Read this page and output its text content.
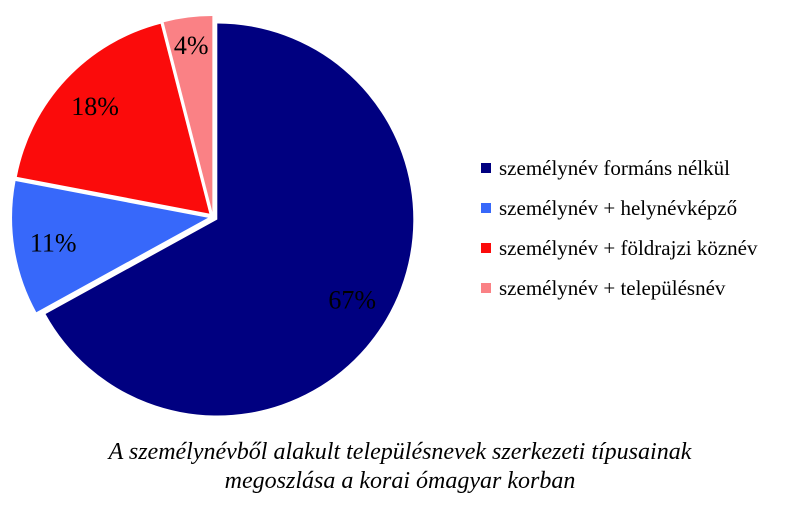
67%
11%
18%
4%
személynév formáns nélkül
személynév + helynévképző
személynév + földrajzi köznév
személynév + településnév
A személynévből alakult településnevek szerkezeti típusainak
megoszlása a korai ómagyar korban
